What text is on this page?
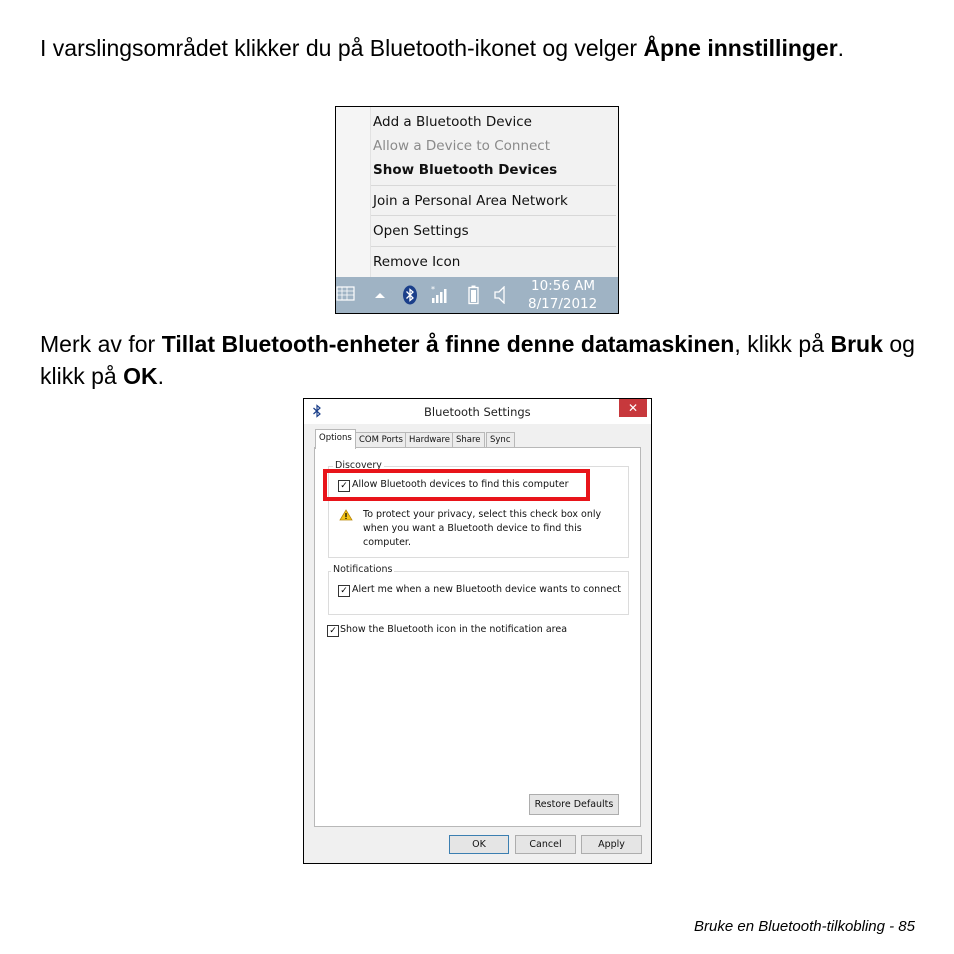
I varslingsområdet klikker du på Bluetooth-ikonet og velger Åpne innstillinger.
Add a Bluetooth Device
Allow a Device to Connect
Show Bluetooth Devices
Join a Personal Area Network
Open Settings
Remove Icon
*	10:56 AM
8/17/2012
Merk av for Tillat Bluetooth-enheter å finne denne datamaskinen, klikk på Bruk og klikk på OK.
Bluetooth Settings	✕
Options COM Ports Hardware Share	Sync
Discovery
✓ Allow Bluetooth devices to find this computer
To protect your privacy, select this check box only
when you want a Bluetooth device to find this
computer.
Notifications
✓ Alert me when a new Bluetooth device wants to connect
✓ Show the Bluetooth icon in the notification area
Restore Defaults
OK	Cancel	Apply
Bruke en Bluetooth-tilkobling - 85
